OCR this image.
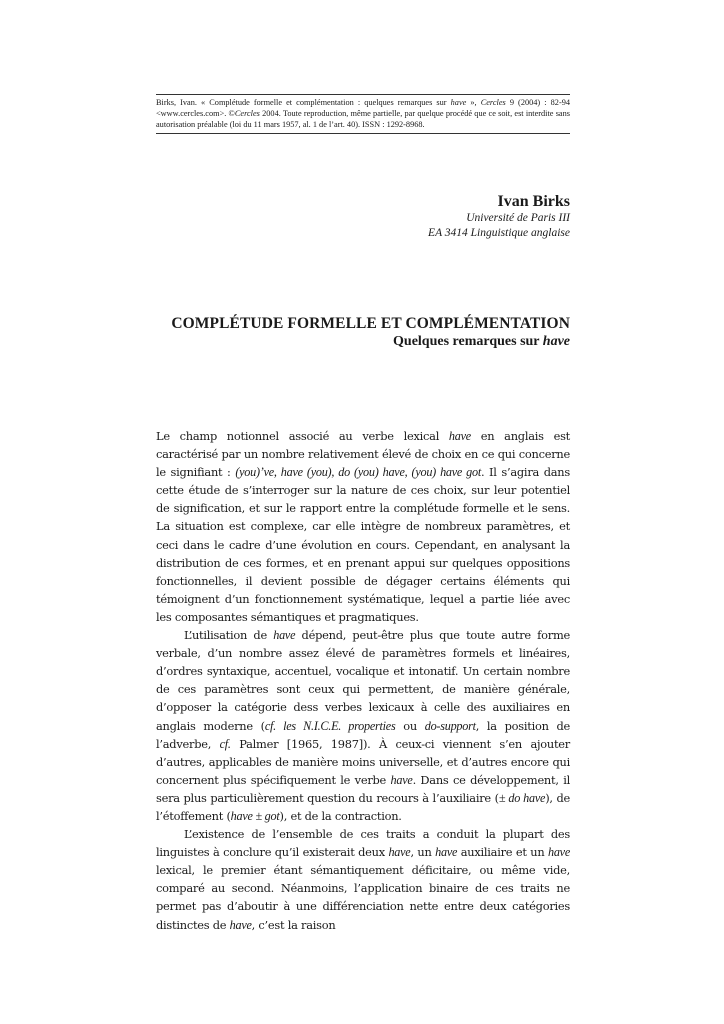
Birks, Ivan. « Complétude formelle et complémentation : quelques remarques sur have », Cercles 9 (2004) : 82-94 <www.cercles.com>. ©Cercles 2004. Toute reproduction, même partielle, par quelque procédé que ce soit, est interdite sans autorisation préalable (loi du 11 mars 1957, al. 1 de l’art. 40). ISSN : 1292-8968.
Ivan Birks
Université de Paris III
EA 3414 Linguistique anglaise
COMPLÉTUDE FORMELLE ET COMPLÉMENTATION
Quelques remarques sur have

Le champ notionnel associé au verbe lexical have en anglais est caractérisé par un nombre relativement élevé de choix en ce qui concerne le signifiant : (you)’ve, have (you), do (you) have, (you) have got. Il s’agira dans cette étude de s’interroger sur la nature de ces choix, sur leur potentiel de signification, et sur le rapport entre la complétude formelle et le sens. La situation est complexe, car elle intègre de nombreux paramètres, et ceci dans le cadre d’une évolution en cours. Cependant, en analysant la distribution de ces formes, et en prenant appui sur quelques oppositions fonctionnelles, il devient possible de dégager certains éléments qui témoignent d’un fonctionnement systématique, lequel a partie liée avec les composantes sémantiques et pragmatiques.

L’utilisation de have dépend, peut-être plus que toute autre forme verbale, d’un nombre assez élevé de paramètres formels et linéaires, d’ordres syntaxique, accentuel, vocalique et intonatif. Un certain nombre de ces paramètres sont ceux qui permettent, de manière générale, d’opposer la catégorie dess verbes lexicaux à celle des auxiliaires en anglais moderne (cf. les N.I.C.E. properties ou do-support, la position de l’adverbe, cf. Palmer [1965, 1987]). À ceux-ci viennent s’en ajouter d’autres, applicables de manière moins universelle, et d’autres encore qui concernent plus spécifiquement le verbe have. Dans ce développement, il sera plus particulièrement question du recours à l’auxiliaire (± do have), de l’étoffement (have ± got), et de la contraction.

L’existence de l’ensemble de ces traits a conduit la plupart des linguistes à conclure qu’il existerait deux have, un have auxiliaire et un have lexical, le premier étant sémantiquement déficitaire, ou même vide, comparé au second. Néanmoins, l’application binaire de ces traits ne permet pas d’aboutir à une différenciation nette entre deux catégories distinctes de have, c’est la raison
